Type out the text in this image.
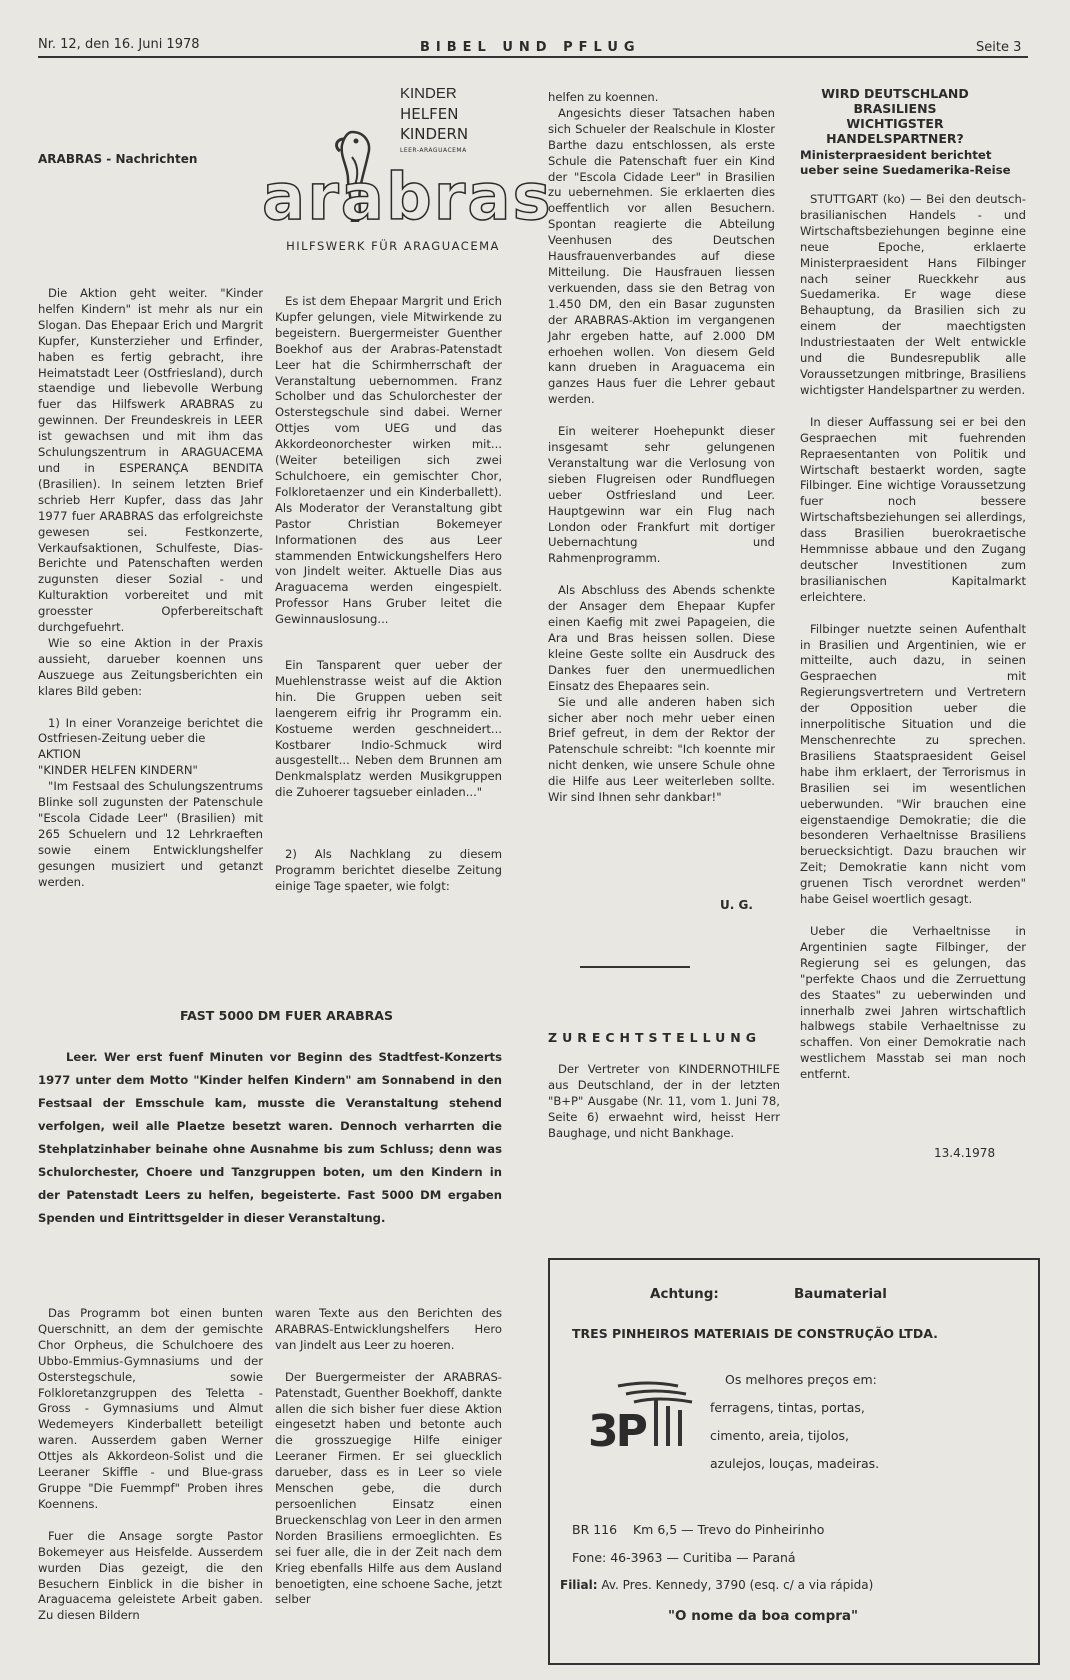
Nr. 12, den 16. Juni 1978	BIBEL UND PFLUG	Seite 3
ARABRAS - Nachrichten

Die Aktion geht weiter. "Kinder helfen Kindern" ist mehr als nur ein Slogan. Das Ehepaar Erich und Margrit Kupfer, Kunsterzieher und Erfinder, haben es fertig gebracht, ihre Heimatstadt Leer (Ostfriesland), durch staendige und liebevolle Werbung fuer das Hilfswerk ARABRAS zu gewinnen. Der Freundeskreis in LEER ist gewachsen und mit ihm das Schulungszentrum in ARAGUACEMA und in ESPERANÇA BENDITA (Brasilien). In seinem letzten Brief schrieb Herr Kupfer, dass das Jahr 1977 fuer ARABRAS das erfolgreichste gewesen sei. Festkonzerte, Verkaufsaktionen, Schulfeste, Dias-Berichte und Patenschaften werden zugunsten dieser Sozial - und Kulturaktion vorbereitet und mit groesster Opferbereitschaft durchgefuehrt.

Wie so eine Aktion in der Praxis aussieht, darueber koennen uns Auszuege aus Zeitungsberichten ein klares Bild geben:

1) In einer Voranzeige berichtet die Ostfriesen-Zeitung ueber die

AKTION

"KINDER HELFEN KINDERN"

"Im Festsaal des Schulungszentrums Blinke soll zugunsten der Patenschule "Escola Cidade Leer" (Brasilien) mit 265 Schuelern und 12 Lehrkraeften sowie einem Entwicklungshelfer gesungen musiziert und getanzt werden.

KINDER
HELFEN
KINDERN
LEER-ARAGUACEMA
arabras
HILFSWERK FÜR ARAGUACEMA

Es ist dem Ehepaar Margrit und Erich Kupfer gelungen, viele Mitwirkende zu begeistern. Buergermeister Guenther Boekhof aus der Arabras-Patenstadt Leer hat die Schirmherrschaft der Veranstaltung uebernommen. Franz Scholber und das Schulorchester der Osterstegschule sind dabei. Werner Ottjes vom UEG und das Akkordeonorchester wirken mit... (Weiter beteiligen sich zwei Schulchoere, ein gemischter Chor, Folkloretaenzer und ein Kinderballett). Als Moderator der Veranstaltung gibt Pastor Christian Bokemeyer Informationen des aus Leer stammenden Entwickungshelfers Hero von Jindelt weiter. Aktuelle Dias aus Araguacema werden eingespielt. Professor Hans Gruber leitet die Gewinnauslosung...

Ein Tansparent quer ueber der Muehlenstrasse weist auf die Aktion hin. Die Gruppen ueben seit laengerem eifrig ihr Programm ein. Kostueme werden geschneidert... Kostbarer Indio-Schmuck wird ausgestellt... Neben dem Brunnen am Denkmalsplatz werden Musikgruppen die Zuhoerer tagsueber einladen..."

2) Als Nachklang zu diesem Programm berichtet dieselbe Zeitung einige Tage spaeter, wie folgt:

helfen zu koennen.

Angesichts dieser Tatsachen haben sich Schueler der Realschule in Kloster Barthe dazu entschlossen, als erste Schule die Patenschaft fuer ein Kind der "Escola Cidade Leer" in Brasilien zu uebernehmen. Sie erklaerten dies oeffentlich vor allen Besuchern. Spontan reagierte die Abteilung Veenhusen des Deutschen Hausfrauenverbandes auf diese Mitteilung. Die Hausfrauen liessen verkuenden, dass sie den Betrag von 1.450 DM, den ein Basar zugunsten der ARABRAS-Aktion im vergangenen Jahr ergeben hatte, auf 2.000 DM erhoehen wollen. Von diesem Geld kann drueben in Araguacema ein ganzes Haus fuer die Lehrer gebaut werden.

Ein weiterer Hoehepunkt dieser insgesamt sehr gelungenen Veranstaltung war die Verlosung von sieben Flugreisen oder Rundfluegen ueber Ostfriesland und Leer. Hauptgewinn war ein Flug nach London oder Frankfurt mit dortiger Uebernachtung und Rahmenprogramm.

Als Abschluss des Abends schenkte der Ansager dem Ehepaar Kupfer einen Kaefig mit zwei Papageien, die Ara und Bras heissen sollen. Diese kleine Geste sollte ein Ausdruck des Dankes fuer den unermuedlichen Einsatz des Ehepaares sein.

Sie und alle anderen haben sich sicher aber noch mehr ueber einen Brief gefreut, in dem der Rektor der Patenschule schreibt: "Ich koennte mir nicht denken, wie unsere Schule ohne die Hilfe aus Leer weiterleben sollte. Wir sind Ihnen sehr dankbar!"

U. G.
ZURECHTSTELLUNG
Der Vertreter von KINDERNOTHILFE aus Deutschland, der in der letzten "B+P" Ausgabe (Nr. 11, vom 1. Juni 78, Seite 6) erwaehnt wird, heisst Herr Baughage, und nicht Bankhage.
WIRD DEUTSCHLAND
BRASILIENS
WICHTIGSTER
HANDELSPARTNER?
Ministerpraesident berichtet ueber seine Suedamerika-Reise

STUTTGART (ko) — Bei den deutsch-brasilianischen Handels - und Wirtschaftsbeziehungen beginne eine neue Epoche, erklaerte Ministerpraesident Hans Filbinger nach seiner Rueckkehr aus Suedamerika. Er wage diese Behauptung, da Brasilien sich zu einem der maechtigsten Industriestaaten der Welt entwickle und die Bundesrepublik alle Voraussetzungen mitbringe, Brasiliens wichtigster Handelspartner zu werden.

In dieser Auffassung sei er bei den Gespraechen mit fuehrenden Repraesentanten von Politik und Wirtschaft bestaerkt worden, sagte Filbinger. Eine wichtige Voraussetzung fuer noch bessere Wirtschaftsbeziehungen sei allerdings, dass Brasilien buerokraetische Hemmnisse abbaue und den Zugang deutscher Investitionen zum brasilianischen Kapitalmarkt erleichtere.

Filbinger nuetzte seinen Aufenthalt in Brasilien und Argentinien, wie er mitteilte, auch dazu, in seinen Gespraechen mit Regierungsvertretern und Vertretern der Opposition ueber die innerpolitische Situation und die Menschenrechte zu sprechen. Brasiliens Staatspraesident Geisel habe ihm erklaert, der Terrorismus in Brasilien sei im wesentlichen ueberwunden. "Wir brauchen eine eigenstaendige Demokratie; die die besonderen Verhaeltnisse Brasiliens beruecksichtigt. Dazu brauchen wir Zeit; Demokratie kann nicht vom gruenen Tisch verordnet werden" habe Geisel woertlich gesagt.

Ueber die Verhaeltnisse in Argentinien sagte Filbinger, der Regierung sei es gelungen, das "perfekte Chaos und die Zerruettung des Staates" zu ueberwinden und innerhalb zwei Jahren wirtschaftlich halbwegs stabile Verhaeltnisse zu schaffen. Von einer Demokratie nach westlichem Masstab sei man noch entfernt.

13.4.1978
FAST 5000 DM FUER ARABRAS
Leer. Wer erst fuenf Minuten vor Beginn des Stadtfest-Konzerts 1977 unter dem Motto "Kinder helfen Kindern" am Sonnabend in den Festsaal der Emsschule kam, musste die Veranstaltung stehend verfolgen, weil alle Plaetze besetzt waren. Dennoch verharrten die Stehplatzinhaber beinahe ohne Ausnahme bis zum Schluss; denn was Schulorchester, Choere und Tanzgruppen boten, um den Kindern in der Patenstadt Leers zu helfen, begeisterte. Fast 5000 DM ergaben Spenden und Eintrittsgelder in dieser Veranstaltung.

Das Programm bot einen bunten Querschnitt, an dem der gemischte Chor Orpheus, die Schulchoere des Ubbo-Emmius-Gymnasiums und der Osterstegschule, sowie Folkloretanzgruppen des Teletta - Gross - Gymnasiums und Almut Wedemeyers Kinderballett beteiligt waren. Ausserdem gaben Werner Ottjes als Akkordeon-Solist und die Leeraner Skiffle - und Blue-grass Gruppe "Die Fuemmpf" Proben ihres Koennens.

Fuer die Ansage sorgte Pastor Bokemeyer aus Heisfelde. Ausserdem wurden Dias gezeigt, die den Besuchern Einblick in die bisher in Araguacema geleistete Arbeit gaben. Zu diesen Bildern

waren Texte aus den Berichten des ARABRAS-Entwicklungshelfers Hero van Jindelt aus Leer zu hoeren.

Der Buergermeister der ARABRAS-Patenstadt, Guenther Boekhoff, dankte allen die sich bisher fuer diese Aktion eingesetzt haben und betonte auch die grosszuegige Hilfe einiger Leeraner Firmen. Er sei gluecklich darueber, dass es in Leer so viele Menschen gebe, die durch persoenlichen Einsatz einen Brueckenschlag von Leer in den armen Norden Brasiliens ermoeglichten. Es sei fuer alle, die in der Zeit nach dem Krieg ebenfalls Hilfe aus dem Ausland benoetigten, eine schoene Sache, jetzt selber

Achtung:	Baumaterial
TRES PINHEIROS MATERIAIS DE CONSTRUÇÃO LTDA.
Os melhores preços em:
ferragens, tintas, portas,
cimento, areia, tijolos,
azulejos, louças, madeiras.
3P
BR 116    Km 6,5 — Trevo do Pinheirinho
Fone: 46-3963 — Curitiba — Paraná
Filial: Av. Pres. Kennedy, 3790 (esq. c/ a via rápida)
"O nome da boa compra"
